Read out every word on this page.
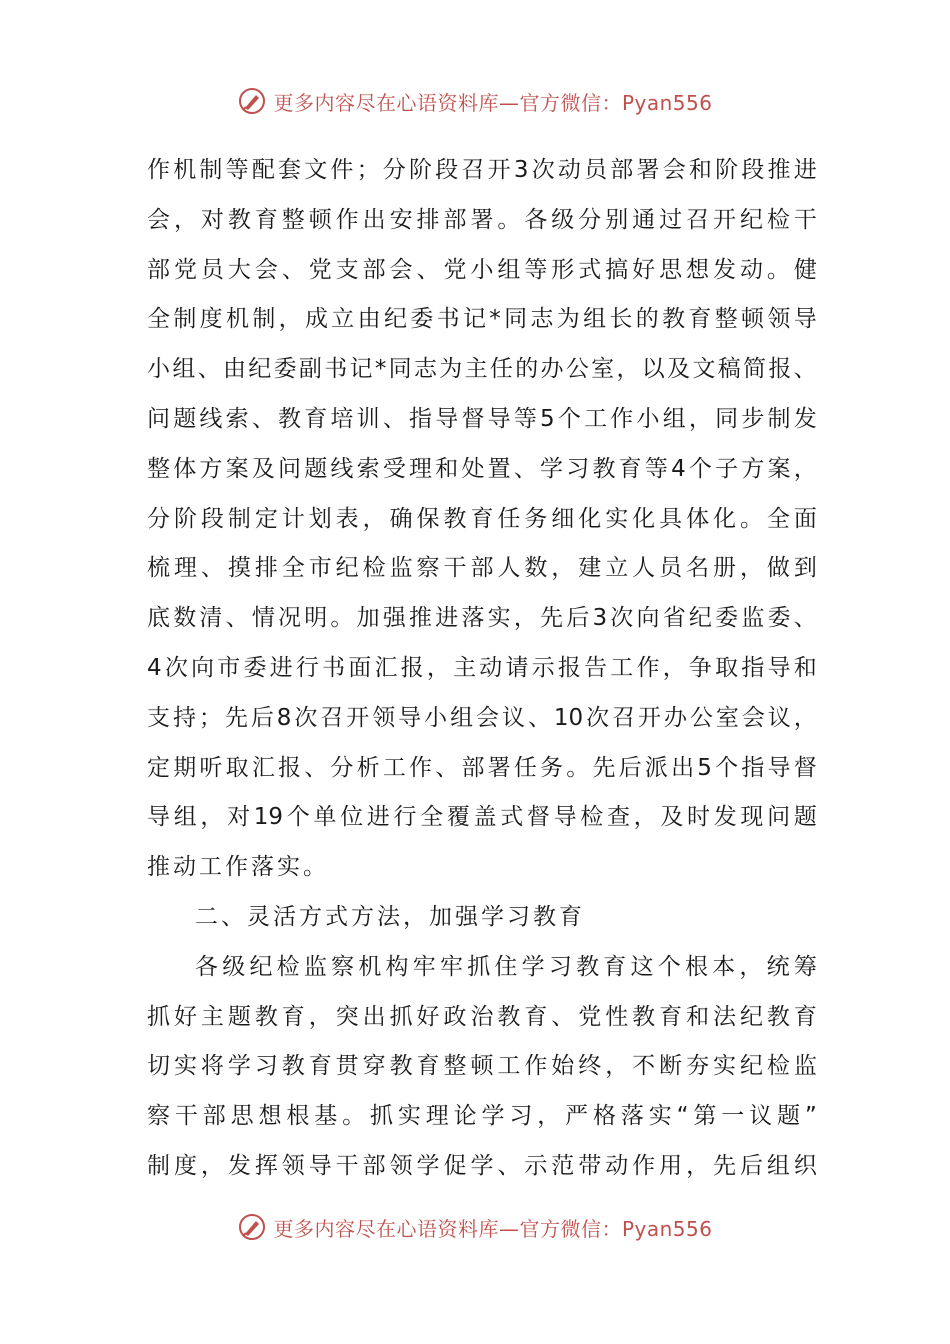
更多内容尽在心语资料库—官方微信：Pyan556
作 机 制 等 配 套 文 件 ； 分 阶 段 召 开 3 次 动 员 部 署 会 和 阶 段 推 进
会 ， 对 教 育 整 顿 作 出 安 排 部 署 。 各 级 分 别 通 过 召 开 纪 检 干
部 党 员 大 会 、 党 支 部 会 、 党 小 组 等 形 式 搞 好 思 想 发 动 。 健
全 制 度 机 制 ， 成 立 由 纪 委 书 记 * 同 志 为 组 长 的 教 育 整 顿 领 导
小 组 、 由 纪 委 副 书 记 * 同 志 为 主 任 的 办 公 室 ， 以 及 文 稿 简 报 、
问 题 线 索 、 教 育 培 训 、 指 导 督 导 等 5 个 工 作 小 组 ， 同 步 制 发
整 体 方 案 及 问 题 线 索 受 理 和 处 置 、 学 习 教 育 等 4 个 子 方 案 ，
分 阶 段 制 定 计 划 表 ， 确 保 教 育 任 务 细 化 实 化 具 体 化 。 全 面
梳 理 、 摸 排 全 市 纪 检 监 察 干 部 人 数 ， 建 立 人 员 名 册 ， 做 到
底 数 清 、 情 况 明 。 加 强 推 进 落 实 ， 先 后 3 次 向 省 纪 委 监 委 、
4 次 向 市 委 进 行 书 面 汇 报 ， 主 动 请 示 报 告 工 作 ， 争 取 指 导 和
支 持 ； 先 后 8 次 召 开 领 导 小 组 会 议 、 10 次 召 开 办 公 室 会 议 ，
定 期 听 取 汇 报 、 分 析 工 作 、 部 署 任 务 。 先 后 派 出 5 个 指 导 督
导 组 ， 对 19 个 单 位 进 行 全 覆 盖 式 督 导 检 查 ， 及 时 发 现 问 题
推动工作落实。
二、灵活方式方法，加强学习教育
各 级 纪 检 监 察 机 构 牢 牢 抓 住 学 习 教 育 这 个 根 本 ， 统 筹
抓 好 主 题 教 育 ， 突 出 抓 好 政 治 教 育 、 党 性 教 育 和 法 纪 教 育
切 实 将 学 习 教 育 贯 穿 教 育 整 顿 工 作 始 终 ， 不 断 夯 实 纪 检 监
察 干 部 思 想 根 基 。 抓 实 理 论 学 习 ， 严 格 落 实 “ 第 一 议 题 ”
制 度 ， 发 挥 领 导 干 部 领 学 促 学 、 示 范 带 动 作 用 ， 先 后 组 织
更多内容尽在心语资料库—官方微信：Pyan556
